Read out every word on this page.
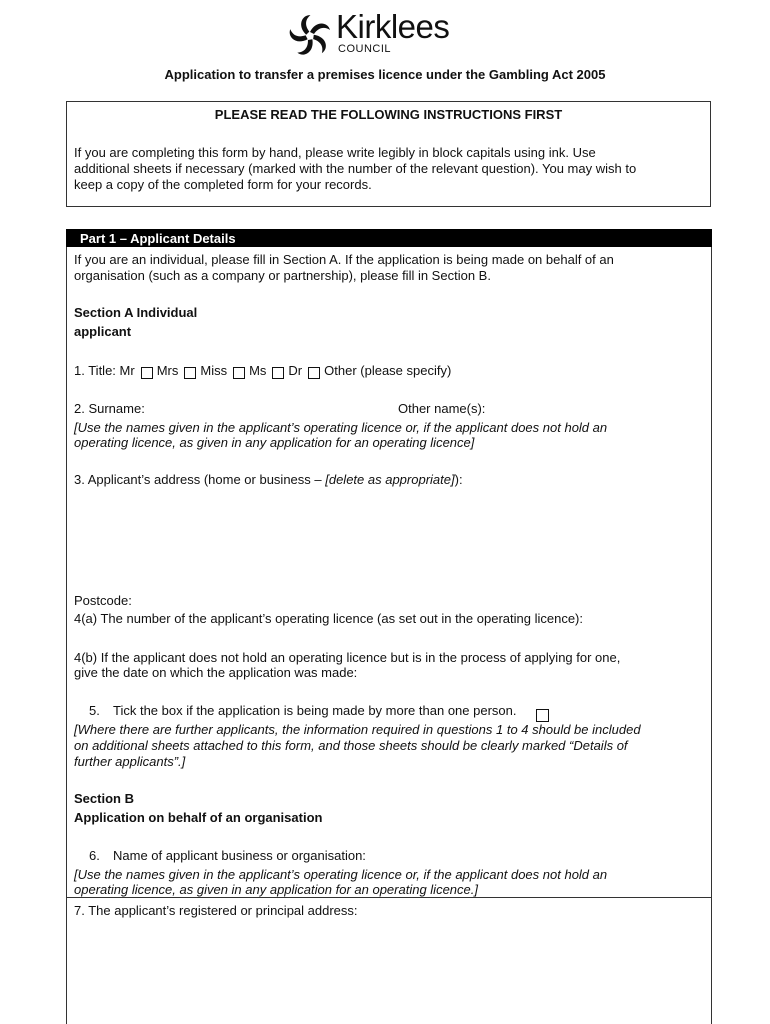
Kirklees
COUNCIL
Application to transfer a premises licence under the Gambling Act 2005
PLEASE READ THE FOLLOWING INSTRUCTIONS FIRST
If you are completing this form by hand, please write legibly in block capitals using ink. Use
additional sheets if necessary (marked with the number of the relevant question). You may wish to
keep a copy of the completed form for your records.
Part 1 – Applicant Details
If you are an individual, please fill in Section A. If the application is being made on behalf of an
organisation (such as a company or partnership), please fill in Section B.
Section A Individual
applicant
1. Title: Mr Mrs Miss Ms Dr Other (please specify)
2. Surname:	Other name(s):
[Use the names given in the applicant’s operating licence or, if the applicant does not hold an
operating licence, as given in any application for an operating licence]
3. Applicant’s address (home or business – [delete as appropriate]):
Postcode:
4(a) The number of the applicant’s operating licence (as set out in the operating licence):
4(b) If the applicant does not hold an operating licence but is in the process of applying for one,
give the date on which the application was made:
5. Tick the box if the application is being made by more than one person.
[Where there are further applicants, the information required in questions 1 to 4 should be included
on additional sheets attached to this form, and those sheets should be clearly marked “Details of
further applicants”.]
Section B
Application on behalf of an organisation
6. Name of applicant business or organisation:
[Use the names given in the applicant’s operating licence or, if the applicant does not hold an
operating licence, as given in any application for an operating licence.]
7. The applicant’s registered or principal address:
